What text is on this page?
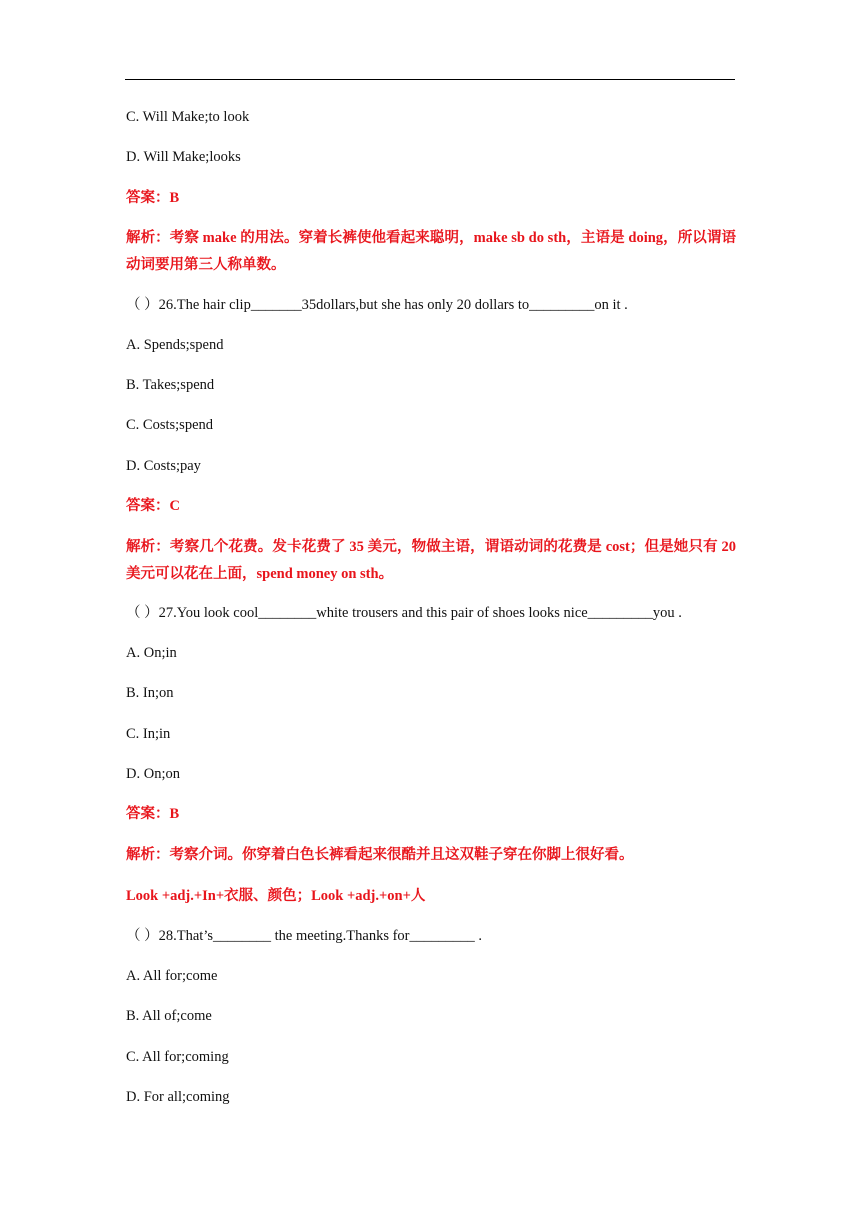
C. Will Make;to look
D. Will Make;looks
答案：B
解析：考察 make 的用法。穿着长裤使他看起来聪明，make sb do sth，主语是 doing，所以谓语动词要用第三人称单数。
（ ）26.The hair clip_______35dollars,but she has only 20 dollars to_________on it .
A. Spends;spend
B. Takes;spend
C. Costs;spend
D. Costs;pay
答案：C
解析：考察几个花费。发卡花费了 35 美元，物做主语，谓语动词的花费是 cost；但是她只有 20 美元可以花在上面，spend money on sth。
（ ）27.You look cool________white trousers and this pair of shoes looks nice_________you .
A. On;in
B. In;on
C. In;in
D. On;on
答案：B
解析：考察介词。你穿着白色长裤看起来很酷并且这双鞋子穿在你脚上很好看。
Look +adj.+In+衣服、颜色；Look +adj.+on+人
（ ）28.That’s________ the meeting.Thanks for_________ .
A. All for;come
B. All of;come
C. All for;coming
D. For all;coming
